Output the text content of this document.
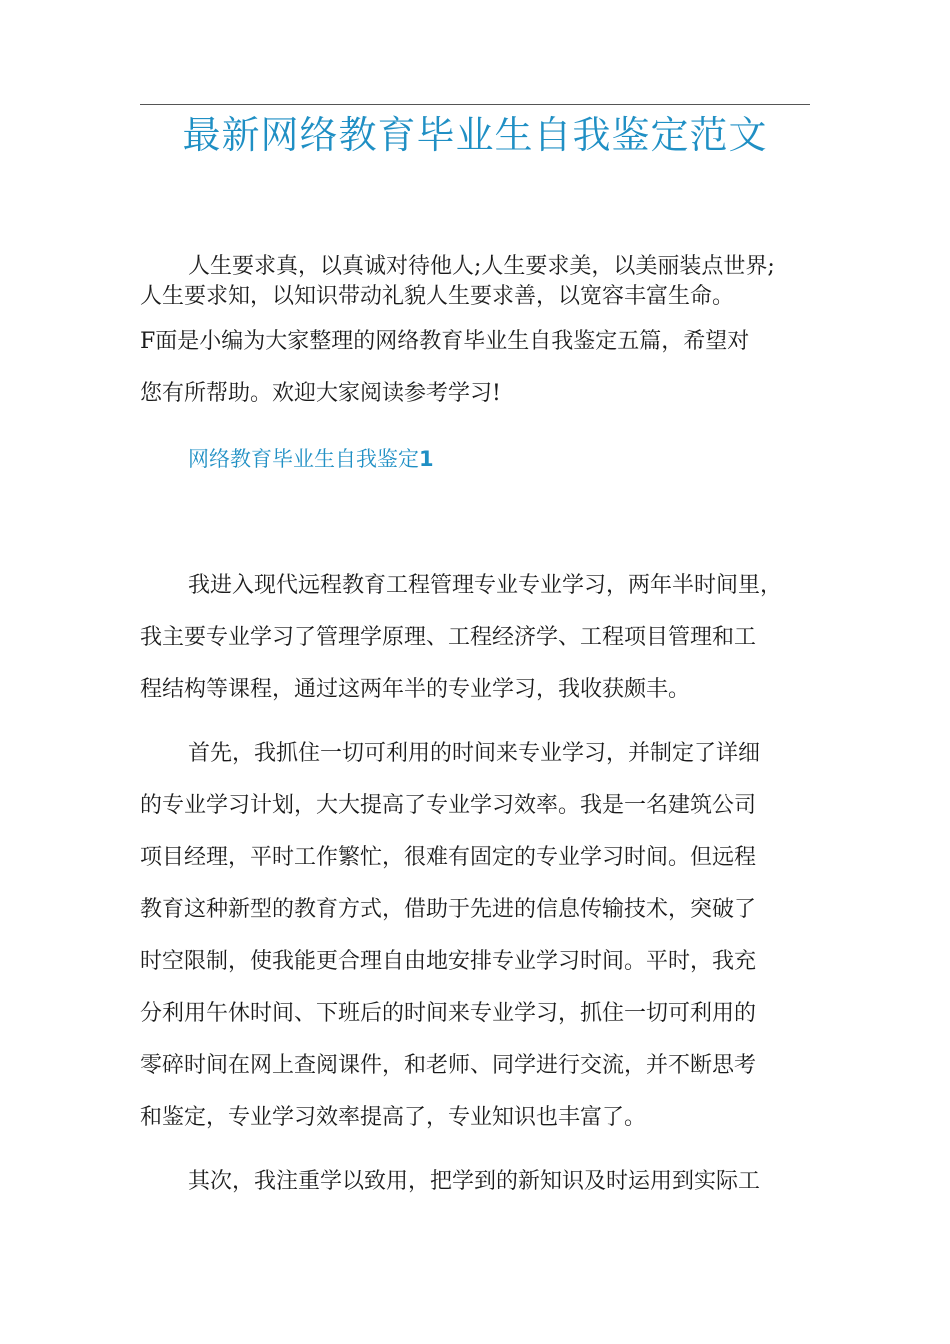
最新网络教育毕业生自我鉴定范文
人生要求真，以真诚对待他人;人生要求美，以美丽装点世界;
人生要求知，以知识带动礼貌人生要求善，以宽容丰富生命。
F面是小编为大家整理的网络教育毕业生自我鉴定五篇，希望对
您有所帮助。欢迎大家阅读参考学习!
网络教育毕业生自我鉴定1
我进入现代远程教育工程管理专业专业学习，两年半时间里，
我主要专业学习了管理学原理、工程经济学、工程项目管理和工
程结构等课程，通过这两年半的专业学习，我收获颇丰。
首先，我抓住一切可利用的时间来专业学习，并制定了详细
的专业学习计划，大大提高了专业学习效率。我是一名建筑公司
项目经理，平时工作繁忙，很难有固定的专业学习时间。但远程
教育这种新型的教育方式，借助于先进的信息传输技术，突破了
时空限制，使我能更合理自由地安排专业学习时间。平时，我充
分利用午休时间、下班后的时间来专业学习，抓住一切可利用的
零碎时间在网上查阅课件，和老师、同学进行交流，并不断思考
和鉴定，专业学习效率提高了，专业知识也丰富了。
其次，我注重学以致用，把学到的新知识及时运用到实际工
